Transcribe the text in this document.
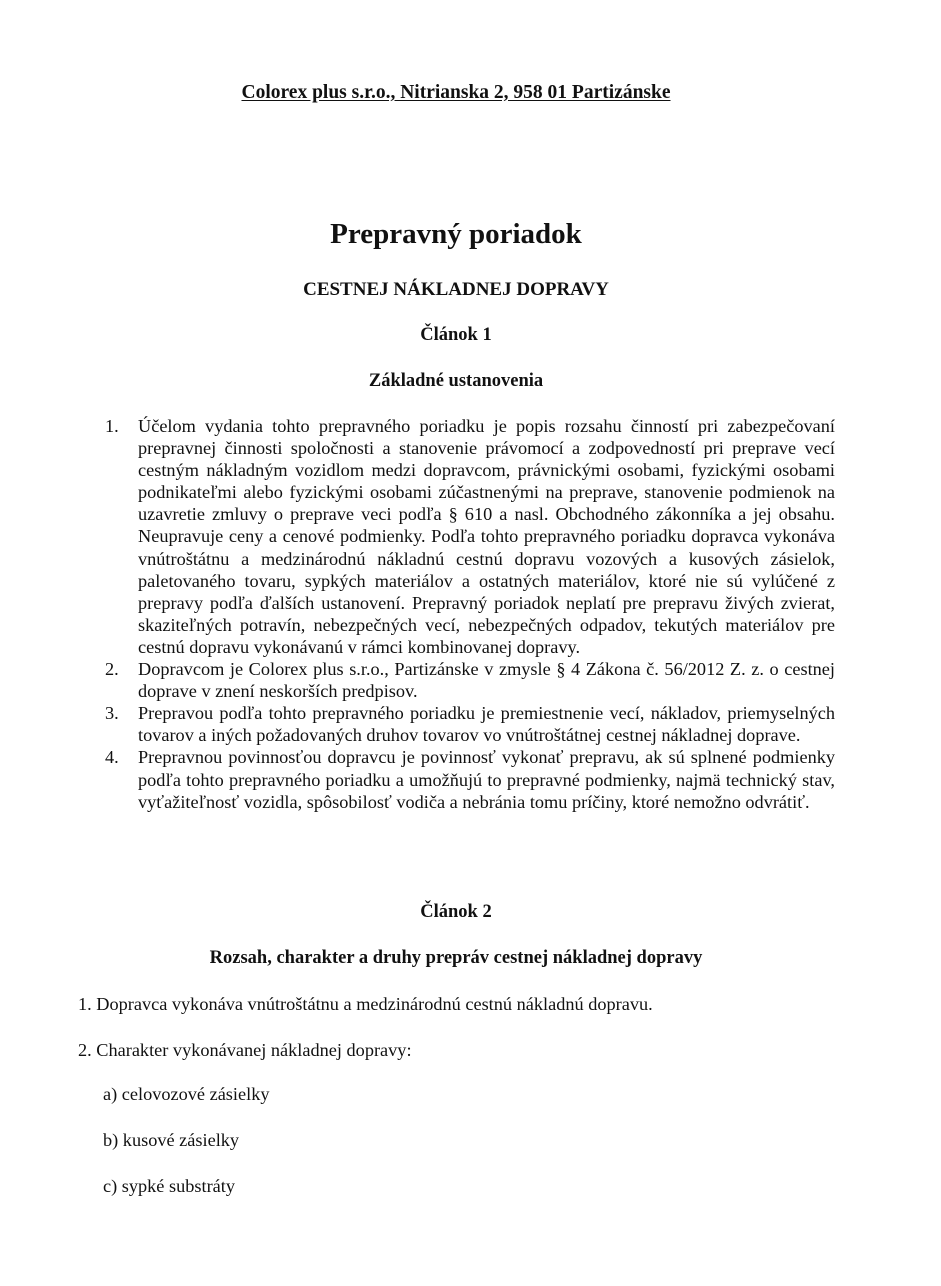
Colorex plus s.r.o., Nitrianska 2, 958 01 Partizánske
Prepravný poriadok
CESTNEJ NÁKLADNEJ DOPRAVY
Článok 1
Základné ustanovenia
1. Účelom vydania tohto prepravného poriadku je popis rozsahu činností pri zabezpečovaní prepravnej činnosti spoločnosti a stanovenie právomocí a zodpovedností pri preprave vecí cestným nákladným vozidlom medzi dopravcom, právnickými osobami, fyzickými osobami podnikateľmi alebo fyzickými osobami zúčastnenými na preprave, stanovenie podmienok na uzavretie zmluvy o preprave veci podľa § 610 a nasl. Obchodného zákonníka a jej obsahu. Neupravuje ceny a cenové podmienky. Podľa tohto prepravného poriadku dopravca vykonáva vnútroštátnu a medzinárodnú nákladnú cestnú dopravu vozových a kusových zásielok, paletovaného tovaru, sypkých materiálov a ostatných materiálov, ktoré nie sú vylúčené z prepravy podľa ďalších ustanovení. Prepravný poriadok neplatí pre prepravu živých zvierat, skaziteľných potravín, nebezpečných vecí, nebezpečných odpadov, tekutých materiálov pre cestnú dopravu vykonávanú v rámci kombinovanej dopravy.
2. Dopravcom je Colorex plus s.r.o., Partizánske v zmysle § 4 Zákona č. 56/2012 Z. z. o cestnej doprave v znení neskorších predpisov.
3. Prepravou podľa tohto prepravného poriadku je premiestnenie vecí, nákladov, priemyselných tovarov a iných požadovaných druhov tovarov vo vnútroštátnej cestnej nákladnej doprave.
4. Prepravnou povinnosťou dopravcu je povinnosť vykonať prepravu, ak sú splnené podmienky podľa tohto prepravného poriadku a umožňujú to prepravné podmienky, najmä technický stav, vyťažiteľnosť vozidla, spôsobilosť vodiča a nebránia tomu príčiny, ktoré nemožno odvrátiť.
Článok 2
Rozsah, charakter a druhy prepráv cestnej nákladnej dopravy
1. Dopravca vykonáva vnútroštátnu a medzinárodnú cestnú nákladnú dopravu.
2. Charakter vykonávanej nákladnej dopravy:
a) celovozové zásielky
b) kusové zásielky
c) sypké substráty
